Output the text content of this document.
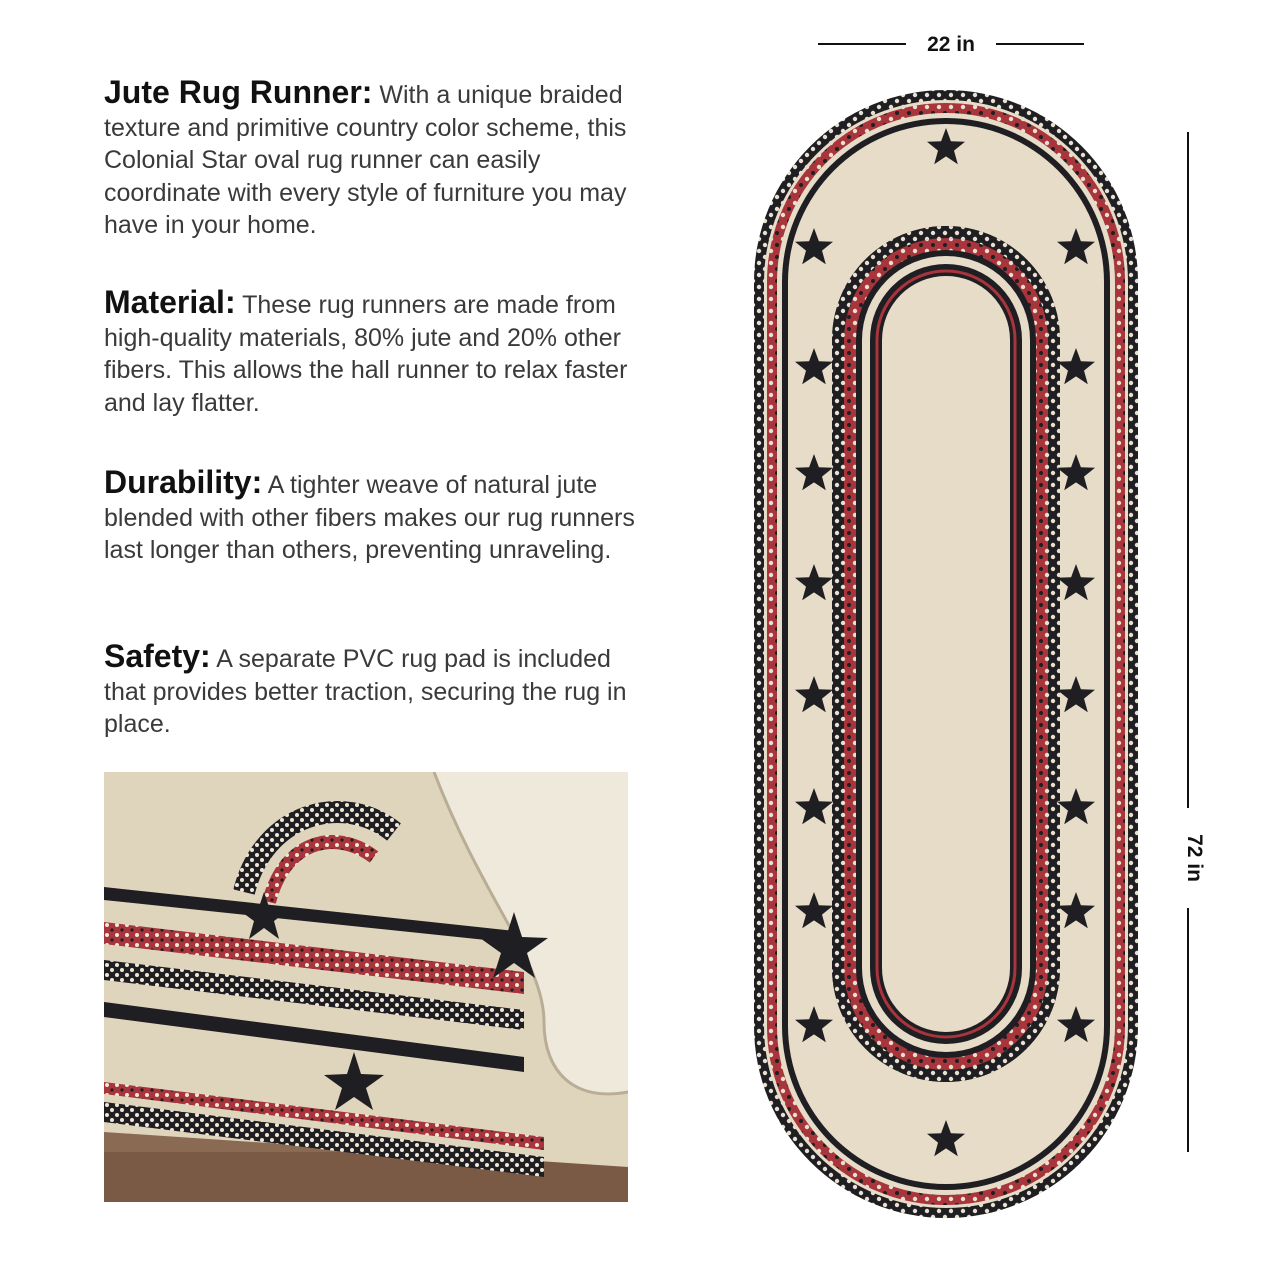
Jute Rug Runner: With a unique braided texture and primitive country color scheme, this Colonial Star oval rug runner can easily coordinate with every style of furniture you may have in your home.

Material: These rug runners are made from high-quality materials, 80% jute and 20% other fibers. This allows the hall runner to relax faster and lay flatter.

Durability: A tighter weave of natural jute blended with other fibers makes our rug runners last longer than others, preventing unraveling.

Safety: A separate PVC rug pad is included that provides better traction, securing the rug in place.

22 in
72 in
